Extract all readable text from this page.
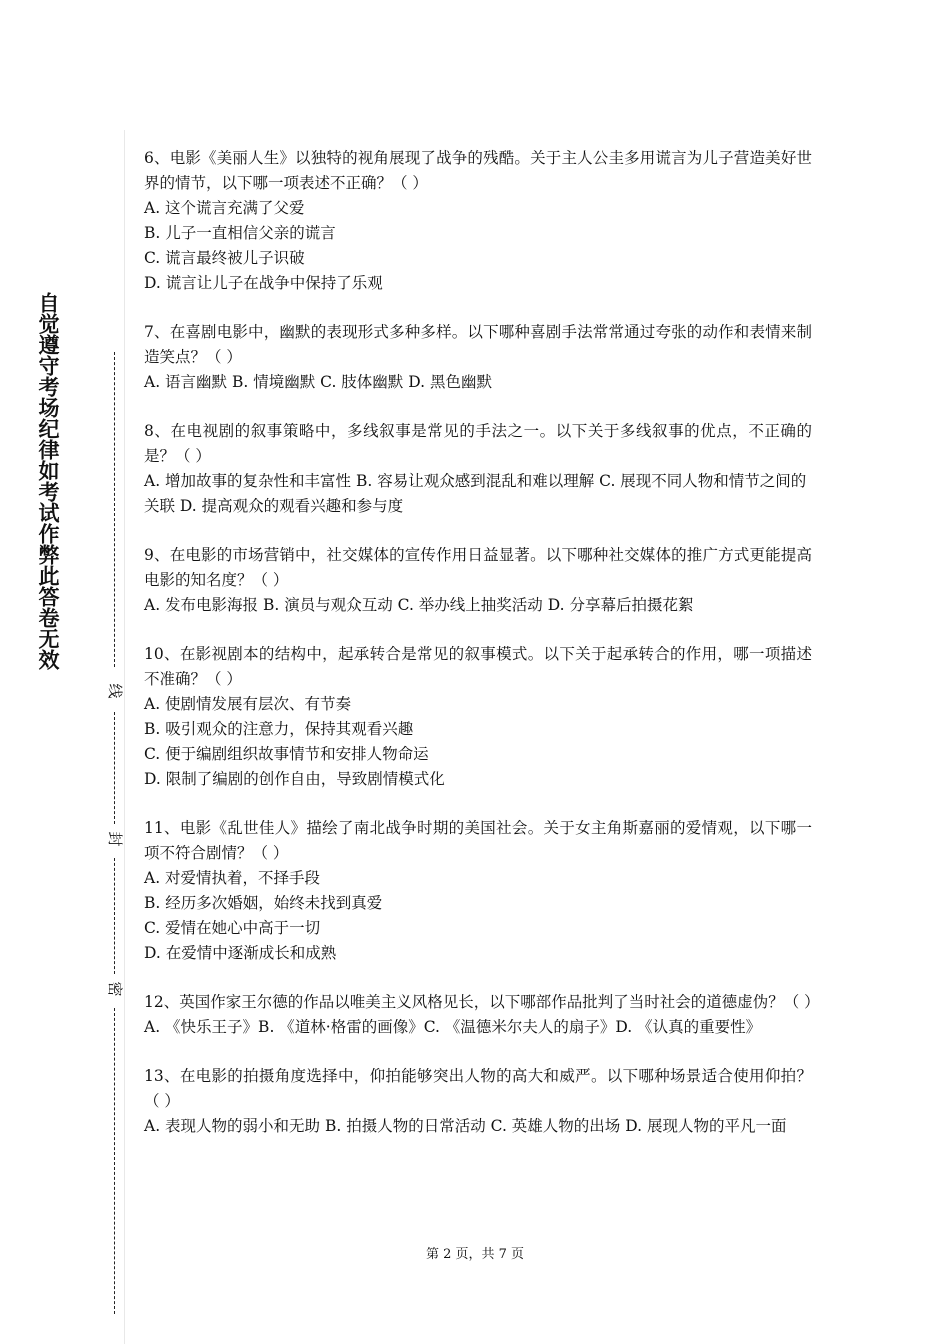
自觉遵守考场纪律如考试作弊此答卷无效
线
封
密

6、电影《美丽人生》以独特的视角展现了战争的残酷。关于主人公圭多用谎言为儿子营造美好世界的情节，以下哪一项表述不正确？（ ）

A. 这个谎言充满了父爱

B. 儿子一直相信父亲的谎言

C. 谎言最终被儿子识破

D. 谎言让儿子在战争中保持了乐观

7、在喜剧电影中，幽默的表现形式多种多样。以下哪种喜剧手法常常通过夸张的动作和表情来制造笑点？（ ）

A. 语言幽默 B. 情境幽默 C. 肢体幽默 D. 黑色幽默

8、在电视剧的叙事策略中，多线叙事是常见的手法之一。以下关于多线叙事的优点，不正确的是？（ ）

A. 增加故事的复杂性和丰富性 B. 容易让观众感到混乱和难以理解 C. 展现不同人物和情节之间的关联 D. 提高观众的观看兴趣和参与度

9、在电影的市场营销中，社交媒体的宣传作用日益显著。以下哪种社交媒体的推广方式更能提高电影的知名度？（ ）

A. 发布电影海报 B. 演员与观众互动 C. 举办线上抽奖活动 D. 分享幕后拍摄花絮

10、在影视剧本的结构中，起承转合是常见的叙事模式。以下关于起承转合的作用，哪一项描述不准确？（ ）

A. 使剧情发展有层次、有节奏

B. 吸引观众的注意力，保持其观看兴趣

C. 便于编剧组织故事情节和安排人物命运

D. 限制了编剧的创作自由，导致剧情模式化

11、电影《乱世佳人》描绘了南北战争时期的美国社会。关于女主角斯嘉丽的爱情观，以下哪一项不符合剧情？（ ）

A. 对爱情执着，不择手段

B. 经历多次婚姻，始终未找到真爱

C. 爱情在她心中高于一切

D. 在爱情中逐渐成长和成熟

12、英国作家王尔德的作品以唯美主义风格见长，以下哪部作品批判了当时社会的道德虚伪？（ ）

A. 《快乐王子》B. 《道林·格雷的画像》C. 《温德米尔夫人的扇子》D. 《认真的重要性》

13、在电影的拍摄角度选择中，仰拍能够突出人物的高大和威严。以下哪种场景适合使用仰拍？（ ）

A. 表现人物的弱小和无助 B. 拍摄人物的日常活动 C. 英雄人物的出场 D. 展现人物的平凡一面

第 2 页，共 7 页
